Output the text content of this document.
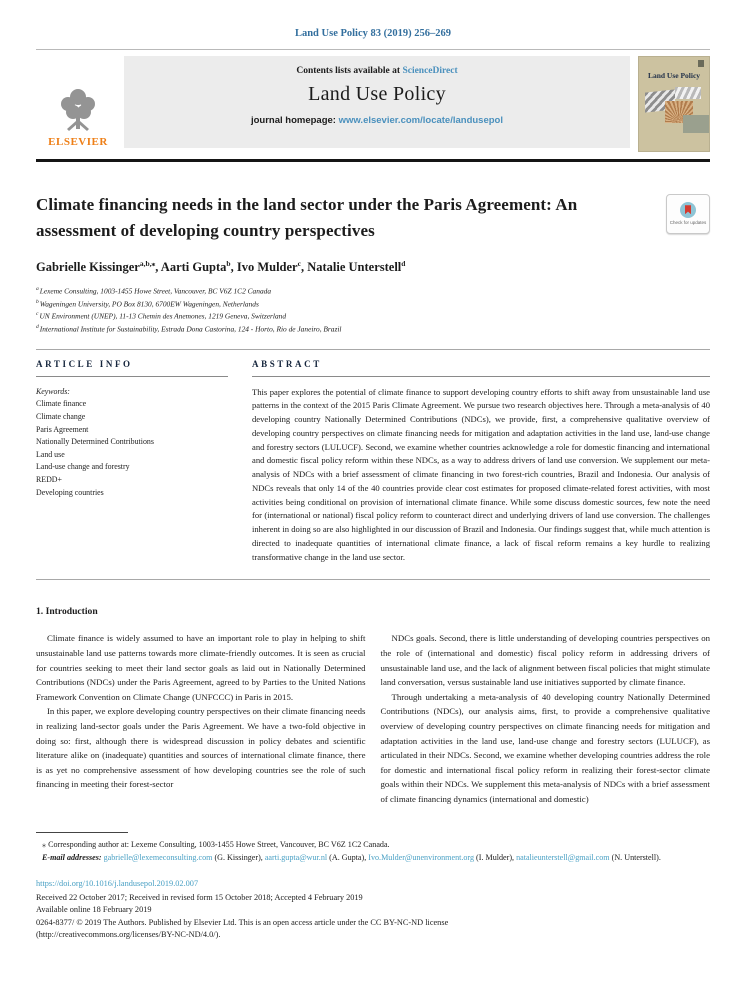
Land Use Policy 83 (2019) 256–269
ELSEVIER
Contents lists available at ScienceDirect
Land Use Policy
journal homepage: www.elsevier.com/locate/landusepol
Land Use Policy
Climate financing needs in the land sector under the Paris Agreement: An assessment of developing country perspectives	Check for updates
Gabrielle Kissinger$^{a,b,⁎}$ , Aarti Gupta$^b$ , Ivo Mulder$^c$ , Natalie Unterstell$^d$
$^a$Lexeme Consulting, 1003-1455 Howe Street, Vancouver, BC V6Z 1C2 Canada
$^b$Wageningen University, PO Box 8130, 6700EW Wageningen, Netherlands
$^c$UN Environment (UNEP), 11-13 Chemin des Anemones, 1219 Geneva, Switzerland
$^d$International Institute for Sustainability, Estrada Dona Castorina, 124 - Horto, Rio de Janeiro, Brazil
ARTICLE INFO
Keywords:
Climate finance
Climate change
Paris Agreement
Nationally Determined Contributions
Land use
Land-use change and forestry
REDD+
Developing countries
ABSTRACT

This paper explores the potential of climate finance to support developing country efforts to shift away from unsustainable land use patterns in the context of the 2015 Paris Climate Agreement. We pursue two research objectives here. Through a meta-analysis of 40 developing country Nationally Determined Contributions (NDCs), we provide, first, a comprehensive qualitative overview of developing country perspectives on climate financing needs for mitigation and adaptation activities in the land use, land-use change and forestry sectors (LULUCF). Second, we examine whether countries acknowledge a role for domestic financing and international and domestic fiscal policy reform within these NDCs, as a way to address drivers of land use conversion. We supplement our meta-analysis of NDCs with a brief assessment of climate financing in two forest-rich countries, Brazil and Indonesia. Our analysis of NDCs reveals that only 14 of the 40 countries provide clear cost estimates for proposed climate-related forest activities, with most activities being conditional on provision of international climate finance. While some discuss domestic sources, few note the need for (international or national) fiscal policy reform to counteract direct and underlying drivers of land use conversion. The challenges inherent in doing so are also highlighted in our discussion of Brazil and Indonesia. Our findings suggest that, while much attention is directed to inadequate quantities of international climate finance, a lack of fiscal reform remains a key hurdle to realizing transformative change in the land use sector.

1. Introduction

Climate finance is widely assumed to have an important role to play in helping to shift unsustainable land use patterns towards more climate-friendly outcomes. It is seen as crucial for countries seeking to meet their land sector goals as laid out in Nationally Determined Contributions (NDCs) under the Paris Agreement, agreed to by Parties to the United Nations Framework Convention on Climate Change (UNFCCC) in Paris in 2015.

In this paper, we explore developing country perspectives on their climate financing needs in realizing land-sector goals under the Paris Agreement. We have a two-fold objective in doing so: first, although there is widespread discussion in policy debates and scientific literature alike on (inadequate) quantities and sources of international climate finance, there is as yet no comprehensive assessment of how developing countries see the role of such financing in meeting their forest-sector

NDCs goals. Second, there is little understanding of developing countries perspectives on the role of (international and domestic) fiscal policy reform in addressing drivers of unsustainable land use, and the lack of alignment between fiscal policies that might stimulate land conversation, versus sustainable land use initiatives supported by climate finance.

Through undertaking a meta-analysis of 40 developing country Nationally Determined Contributions (NDCs), our analysis aims, first, to provide a comprehensive qualitative overview of developing country perspectives on climate financing needs for mitigation and adaptation activities in the land use, land-use change and forestry sectors (LULUCF), as articulated in their NDCs. Second, we examine whether developing countries address the role for domestic and international fiscal policy reform in realizing their forest-sector climate goals within their NDCs. We supplement this meta-analysis of NDCs with a brief assessment of climate financing dynamics (international and domestic)

⁎ Corresponding author at: Lexeme Consulting, 1003-1455 Howe Street, Vancouver, BC V6Z 1C2 Canada.
E-mail addresses: gabrielle@lexemeconsulting.com (G. Kissinger), aarti.gupta@wur.nl (A. Gupta), Ivo.Mulder@unenvironment.org (I. Mulder), natalieunterstell@gmail.com (N. Unterstell).
https://doi.org/10.1016/j.landusepol.2019.02.007
Received 22 October 2017; Received in revised form 15 October 2018; Accepted 4 February 2019
Available online 18 February 2019
0264-8377/ © 2019 The Authors. Published by Elsevier Ltd. This is an open access article under the CC BY-NC-ND license
(http://creativecommons.org/licenses/BY-NC-ND/4.0/).
